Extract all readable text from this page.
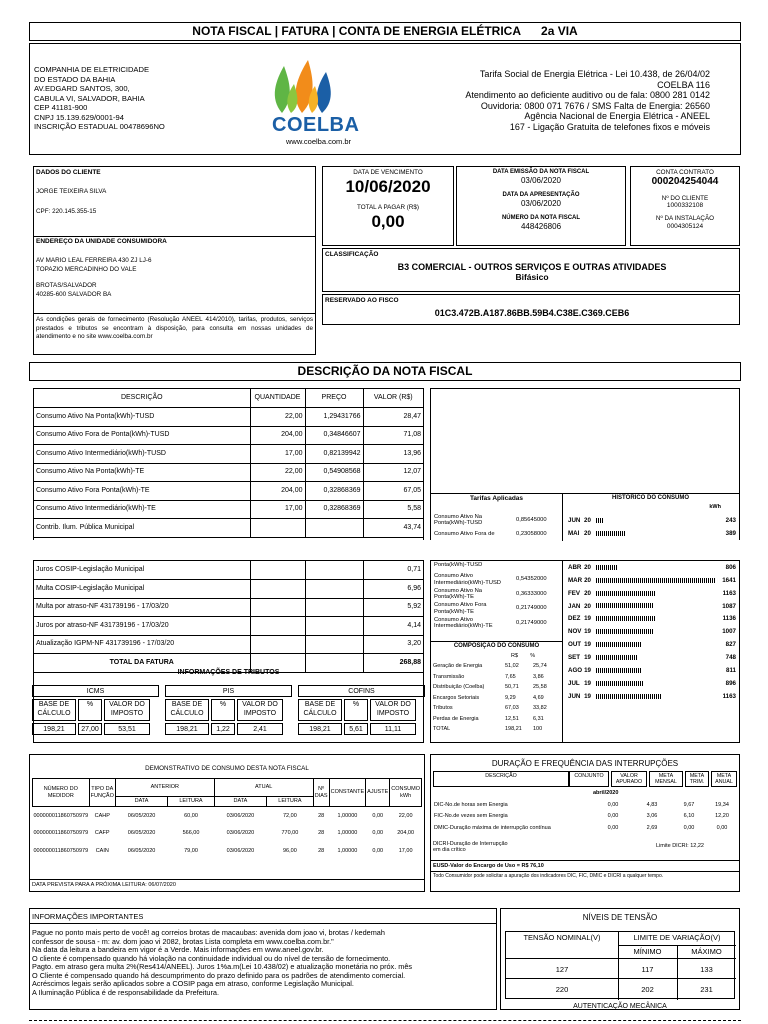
NOTA FISCAL | FATURA | CONTA DE ENERGIA ELÉTRICA 2a VIA
COMPANHIA DE ELETRICIDADE
DO ESTADO DA BAHIA
AV.EDGARD SANTOS, 300,
CABULA VI, SALVADOR, BAHIA
CEP 41181-900
CNPJ 15.139.629/0001-94
INSCRIÇÃO ESTADUAL 00478696NO	COELBA
www.coelba.com.br
Tarifa Social de Energia Elétrica - Lei 10.438, de 26/04/02
COELBA 116
Atendimento ao deficiente auditivo ou de fala: 0800 281 0142
Ouvidoria: 0800 071 7676 / SMS Falta de Energia: 26560
Agência Nacional de Energia Elétrica - ANEEL
167 - Ligação Gratuita de telefones fixos e móveis
DADOS DO CLIENTE
JORGE TEIXEIRA SILVA
CPF: 220.145.355-15
ENDEREÇO DA UNIDADE CONSUMIDORA
AV MARIO LEAL FERREIRA 430 ZJ LJ-6
TOPAZIO MERCADINHO DO VALE
BROTAS/SALVADOR
40285-600 SALVADOR BA
As condições gerais de fornecimento (Resolução ANEEL 414/2010), tarifas, produtos, serviços prestados e tributos se encontram à disposição, para consulta em nossas unidades de atendimento e no site www.coelba.com.br
DATA DE VENCIMENTO
10/06/2020
TOTAL A PAGAR (R$)
0,00
DATA EMISSÃO DA NOTA FISCAL
03/06/2020
DATA DA APRESENTAÇÃO
03/06/2020
NÚMERO DA NOTA FISCAL
448426806
CONTA CONTRATO
000204254044
Nº DO CLIENTE
1000332108
Nº DA INSTALAÇÃO
0004305124
CLASSIFICAÇÃO
B3 COMERCIAL - OUTROS SERVIÇOS E OUTRAS ATIVIDADES
Bifásico
RESERVADO AO FISCO
01C3.472B.A187.86BB.59B4.C38E.C369.CEB6
DESCRIÇÃO DA NOTA FISCAL
DESCRIÇÃO	QUANTIDADE	PREÇO	VALOR (R$)
Consumo Ativo Na Ponta(kWh)-TUSD	22,00	1,29431766	28,47
Consumo Ativo Fora de Ponta(kWh)-TUSD	204,00	0,34846607	71,08
Consumo Ativo Intermediário(kWh)-TUSD	17,00	0,82139942	13,96
Consumo Ativo Na Ponta(kWh)-TE	22,00	0,54908568	12,07
Consumo Ativo Fora Ponta(kWh)-TE	204,00	0,32868369	67,05
Consumo Ativo Intermediário(kWh)-TE	17,00	0,32868369	5,58
Contrib. Ilum. Pública Municipal			43,74
Tarifas Aplicadas	HISTÓRICO DO CONSUMO
kWh
Consumo Ativo Na Ponta(kWh)-TUSD	0,85645000
Consumo Ativo Fora de	0,23058000
JUN	20		243
MAI	20		389
Juros COSIP-Legislação Municipal			0,71
Multa COSIP-Legislação Municipal			6,96
Multa por atraso-NF 431739196 - 17/03/20			5,92
Juros por atraso-NF 431739196 - 17/03/20			4,14
Atualização IGPM-NF 431739196 - 17/03/20			3,20
TOTAL DA FATURA			268,88
INFORMAÇÕES DE TRIBUTOS
ICMS
BASE DE CÁLCULO
198,21
%
27,00
VALOR DO IMPOSTO
53,51
PIS
BASE DE CÁLCULO
198,21
%
1,22
VALOR DO IMPOSTO
2,41
COFINS
BASE DE CÁLCULO
198,21
%
5,61
VALOR DO IMPOSTO
11,11
Ponta(kWh)-TUSD	
Consumo Ativo Intermediário(kWh)-TUSD	0,54352000
Consumo Ativo Na Ponta(kWh)-TE	0,36333000
Consumo Ativo Fora Ponta(kWh)-TE	0,21749000
Consumo Ativo Intermediário(kWh)-TE	0,21749000
COMPOSIÇÃO DO CONSUMO
R$ %
Geração de Energia	51,02	25,74
Transmissão	7,65	3,86
Distribuição (Coelba)	50,71	25,58
Encargos Setoriais	9,29	4,69
Tributos	67,03	33,82
Perdas de Energia	12,51	6,31
TOTAL	198,21	100
ABR	20		806
MAR	20		1641
FEV	20		1163
JAN	20		1087
DEZ	19		1136
NOV	19		1007
OUT	19		827
SET	19		748
AGO	19		811
JUL	19		896
JUN	19		1163
DEMONSTRATIVO DE CONSUMO DESTA NOTA FISCAL
NÚMERO DO MEDIDOR	TIPO DA FUNÇÃO	ANTERIOR		ATUAL		Nº DIAS	CONSTANTE	AJUSTE	CONSUMO kWh
		DATA	LEITURA	DATA	LEITURA				
000000011860750979	CAHP	06/05/2020	60,00	03/06/2020	72,00	28	1,00000	0,00	22,00
000000011860750979	CAFP	06/05/2020	566,00	03/06/2020	770,00	28	1,00000	0,00	204,00
000000011860750979	CAIN	06/05/2020	79,00	03/06/2020	96,00	28	1,00000	0,00	17,00
DATA PREVISTA PARA A PRÓXIMA LEITURA: 06/07/2020
DURAÇÃO E FREQUÊNCIA DAS INTERRUPÇÕES
DESCRIÇÃO	CONJUNTO	VALOR APURADO
META MENSAL
META TRIM.
META ANUAL
abril/2020
DIC-No.de horas sem Energia	0,00	4,83	9,67	19,34
FIC-No.de vezes sem Energia	0,00	3,06	6,10	12,20
DMIC-Duração máxima de interrupção contínua	0,00	2,69	0,00	0,00
DICRI-Duração de Interrupção em dia crítico
Limite DICRI: 12,22
EUSD-Valor do Encargo de Uso = R$ 76,10
Todo Consumidor pode solicitar a apuração dos indicadores DIC, FIC, DMIC e DICRI a qualquer tempo.
INFORMAÇÕES IMPORTANTES
Pague no ponto mais perto de você! ag correios brotas de macaubas: avenida dom joao vi, brotas / kedemah
confessor de sousa - m: av. dom joao vi 2082, brotas Lista completa em www.coelba.com.br."
Na data da leitura a bandeira em vigor é a Verde. Mais informações em www.aneel.gov.br.
O cliente é compensado quando há violação na continuidade individual ou do nível de tensão de fornecimento.
Pagto. em atraso gera multa 2%(Res414/ANEEL). Juros 1%a.m(Lei 10.438/02) e atualização monetária no próx. mês
O Cliente é compensado quando há descumprimento do prazo definido para os padrões de atendimento comercial.
Acréscimos legais serão aplicados sobre a COSIP paga em atraso, conforme Legislação Municipal.
A Iluminação Pública é de responsabilidade da Prefeitura.
NÍVEIS DE TENSÃO
TENSÃO NOMINAL(V)	LIMITE DE VARIAÇÃO(V)
MÍNIMO	MÁXIMO
127	117	133
220	202	231
AUTENTICAÇÃO MECÂNICA
